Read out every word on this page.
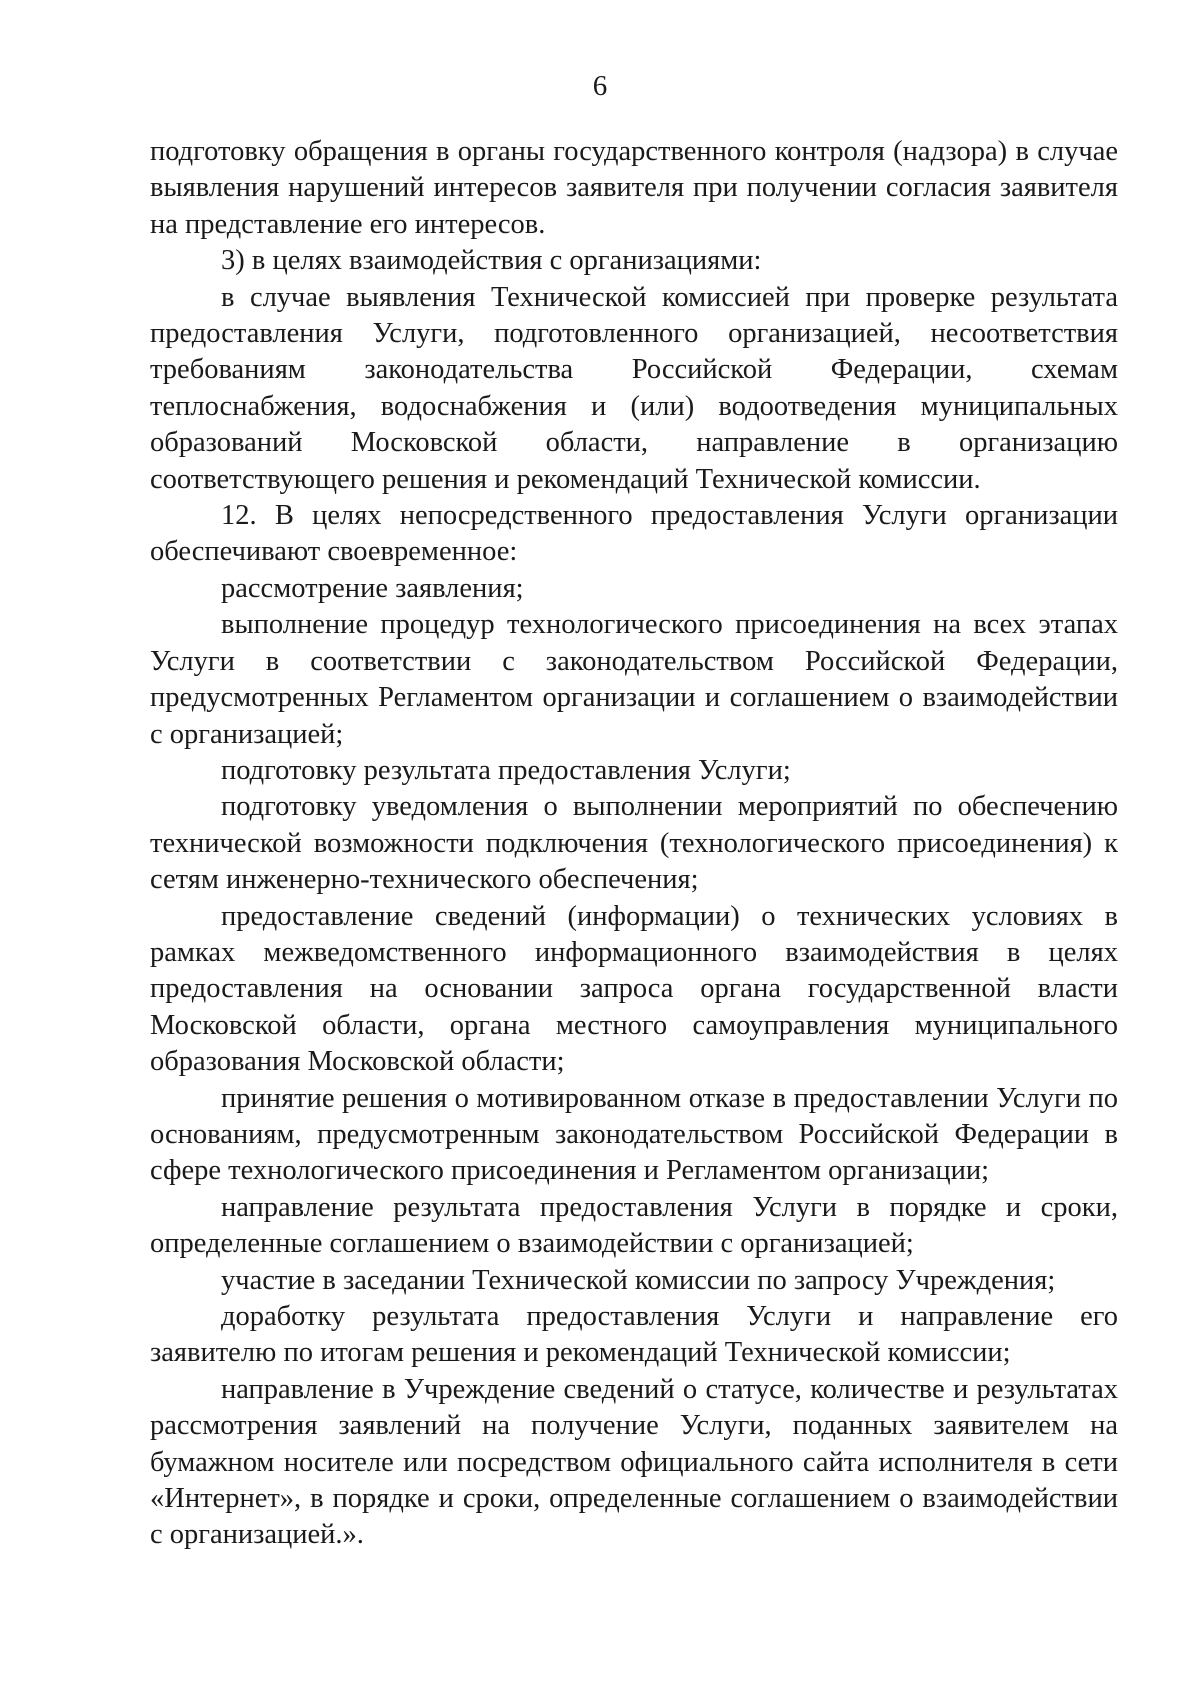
6

подготовку обращения в органы государственного контроля (надзора) в случае выявления нарушений интересов заявителя при получении согласия заявителя на представление его интересов.

3) в целях взаимодействия с организациями:

в случае выявления Технической комиссией при проверке результата предоставления Услуги, подготовленного организацией, несоответствия требованиям законодательства Российской Федерации, схемам теплоснабжения, водоснабжения и (или) водоотведения муниципальных образований Московской области, направление в организацию соответствующего решения и рекомендаций Технической комиссии.

12. В целях непосредственного предоставления Услуги организации обеспечивают своевременное:

рассмотрение заявления;

выполнение процедур технологического присоединения на всех этапах Услуги в соответствии с законодательством Российской Федерации, предусмотренных Регламентом организации и соглашением о взаимодействии с организацией;

подготовку результата предоставления Услуги;

подготовку уведомления о выполнении мероприятий по обеспечению технической возможности подключения (технологического присоединения) к сетям инженерно-технического обеспечения;

предоставление сведений (информации) о технических условиях в рамках межведомственного информационного взаимодействия в целях предоставления на основании запроса органа государственной власти Московской области, органа местного самоуправления муниципального образования Московской области;

принятие решения о мотивированном отказе в предоставлении Услуги по основаниям, предусмотренным законодательством Российской Федерации в сфере технологического присоединения и Регламентом организации;

направление результата предоставления Услуги в порядке и сроки, определенные соглашением о взаимодействии с организацией;

участие в заседании Технической комиссии по запросу Учреждения;

доработку результата предоставления Услуги и направление его заявителю по итогам решения и рекомендаций Технической комиссии;

направление в Учреждение сведений о статусе, количестве и результатах рассмотрения заявлений на получение Услуги, поданных заявителем на бумажном носителе или посредством официального сайта исполнителя в сети «Интернет», в порядке и сроки, определенные соглашением о взаимодействии с организацией.».
